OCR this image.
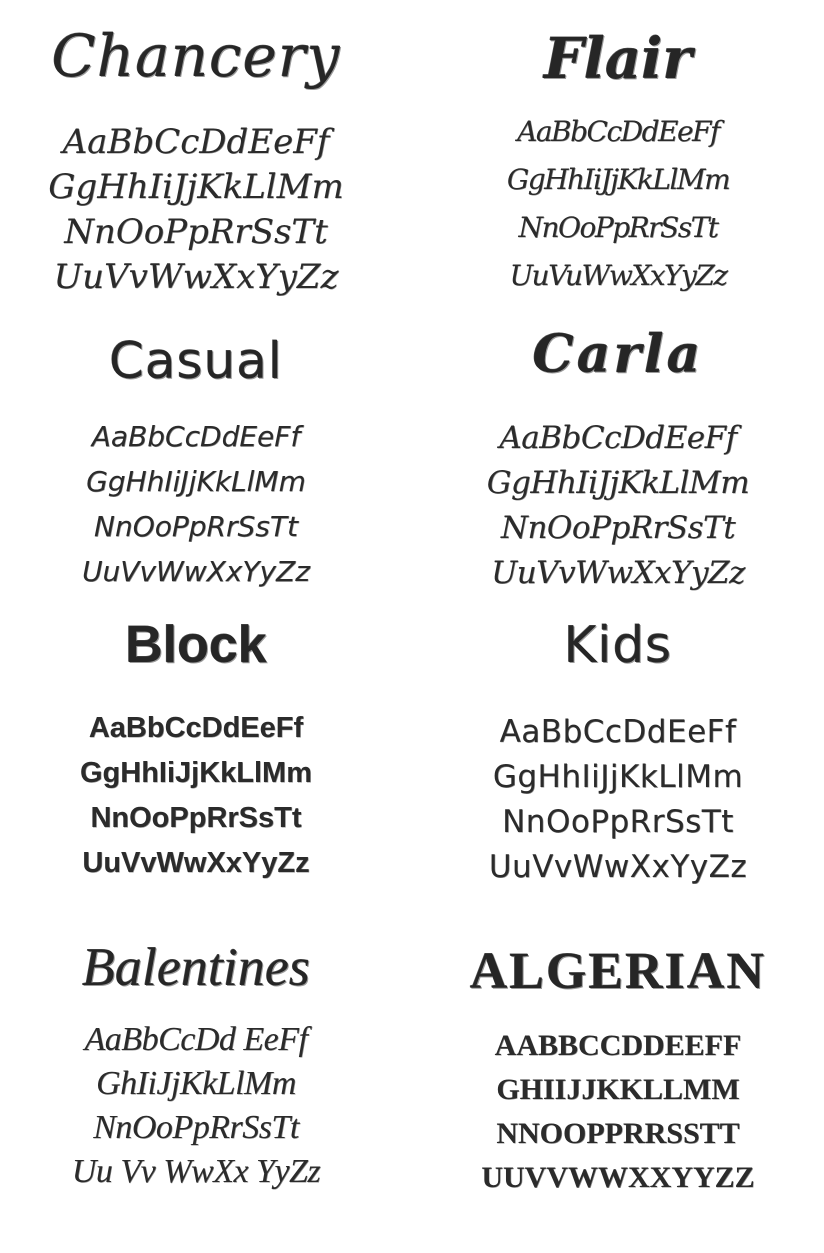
Chancery
AaBbCcDdEeFf
GgHhIiJjKkLlMm
NnOoPpRrSsTt
UuVvWwXxYyZz
Flair
AaBbCcDdEeFf
GgHhIiJjKkLlMm
NnOoPpRrSsTt
UuVuWwXxYyZz
Casual
AaBbCcDdEeFf
GgHhIiJjKkLlMm
NnOoPpRrSsTt
UuVvWwXxYyZz
Carla
AaBbCcDdEeFf
GgHhIiJjKkLlMm
NnOoPpRrSsTt
UuVvWwXxYyZz
Block
AaBbCcDdEeFf
GgHhIiJjKkLlMm
NnOoPpRrSsTt
UuVvWwXxYyZz
Kids
AaBbCcDdEeFf
GgHhIiJjKkLlMm
NnOoPpRrSsTt
UuVvWwXxYyZz
Balentines
AaBbCcDd EeFf
GhIiJjKkLlMm
NnOoPpRrSsTt
Uu Vv WwXx YyZz
ALGERIAN
AABBCCDDEEFF
GHIIJJKKLLMM
NNOOPPRRSSTT
UUVVWWXXYYZZ
